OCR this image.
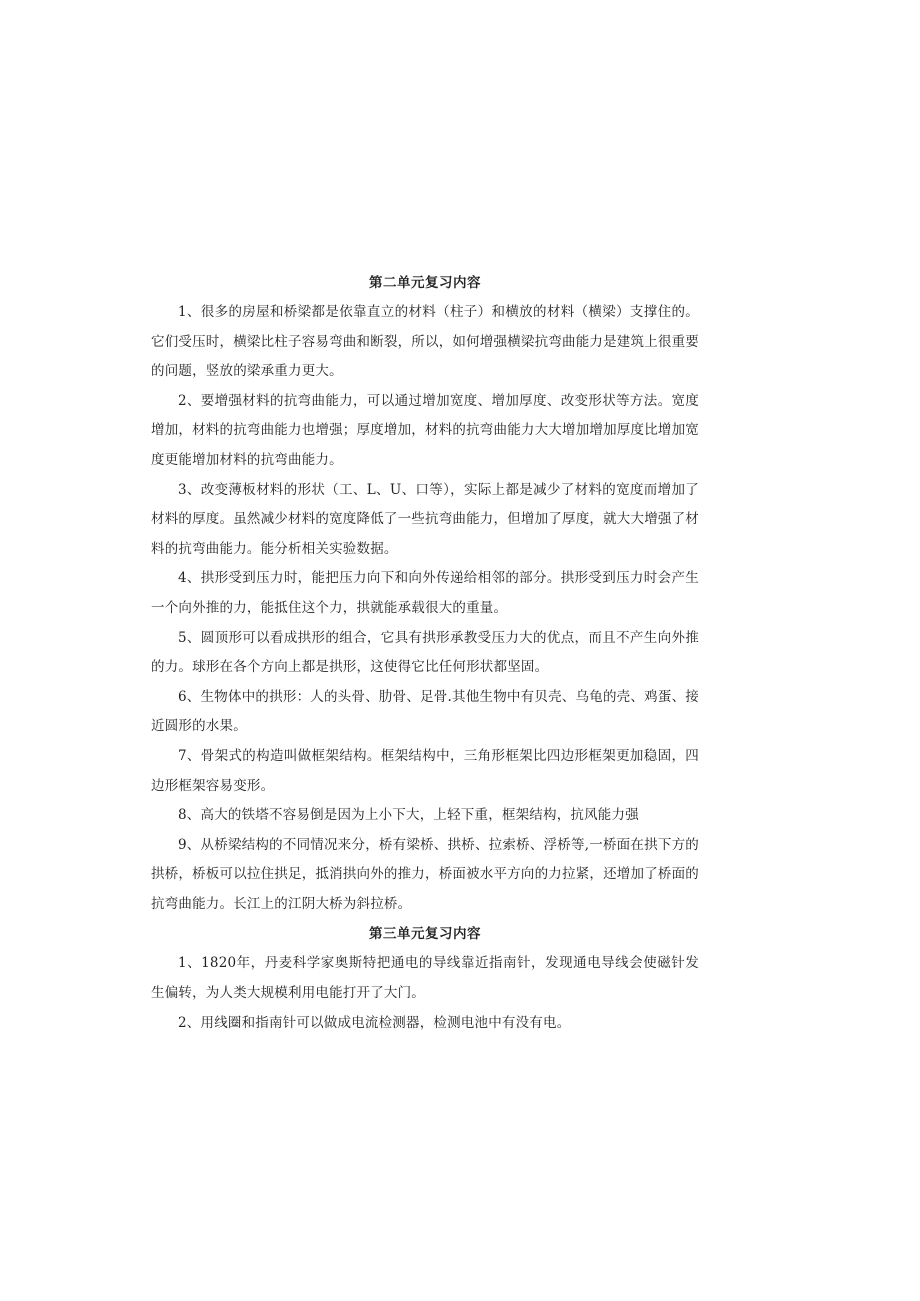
第二单元复习内容

1、很多的房屋和桥梁都是依靠直立的材料（柱子）和横放的材料（横梁）支撑住的。它们受压时，横梁比柱子容易弯曲和断裂，所以，如何增强横梁抗弯曲能力是建筑上很重要的问题，竖放的梁承重力更大。

2、要增强材料的抗弯曲能力，可以通过增加宽度、增加厚度、改变形状等方法。宽度增加，材料的抗弯曲能力也增强；厚度增加，材料的抗弯曲能力大大增加增加厚度比增加宽度更能增加材料的抗弯曲能力。

3、改变薄板材料的形状（工、L、U、口等），实际上都是减少了材料的宽度而增加了材料的厚度。虽然减少材料的宽度降低了一些抗弯曲能力，但增加了厚度，就大大增强了材料的抗弯曲能力。能分析相关实验数据。

4、拱形受到压力时，能把压力向下和向外传递给相邻的部分。拱形受到压力时会产生一个向外推的力，能抵住这个力，拱就能承载很大的重量。

5、圆顶形可以看成拱形的组合，它具有拱形承教受压力大的优点，而且不产生向外推的力。球形在各个方向上都是拱形，这使得它比任何形状都坚固。

6、生物体中的拱形：人的头骨、肋骨、足骨.其他生物中有贝壳、乌龟的壳、鸡蛋、接近圆形的水果。

7、骨架式的构造叫做框架结构。框架结构中，三角形框架比四边形框架更加稳固，四边形框架容易变形。

8、高大的铁塔不容易倒是因为上小下大，上轻下重，框架结构，抗风能力强

9、从桥梁结构的不同情况来分，桥有梁桥、拱桥、拉索桥、浮桥等,一桥面在拱下方的拱桥，桥板可以拉住拱足，抵消拱向外的推力，桥面被水平方向的力拉紧，还增加了桥面的抗弯曲能力。长江上的江阴大桥为斜拉桥。

第三单元复习内容

1、1820年，丹麦科学家奥斯特把通电的导线靠近指南针，发现通电导线会使磁针发生偏转，为人类大规模利用电能打开了大门。

2、用线圈和指南针可以做成电流检测器，检测电池中有没有电。
